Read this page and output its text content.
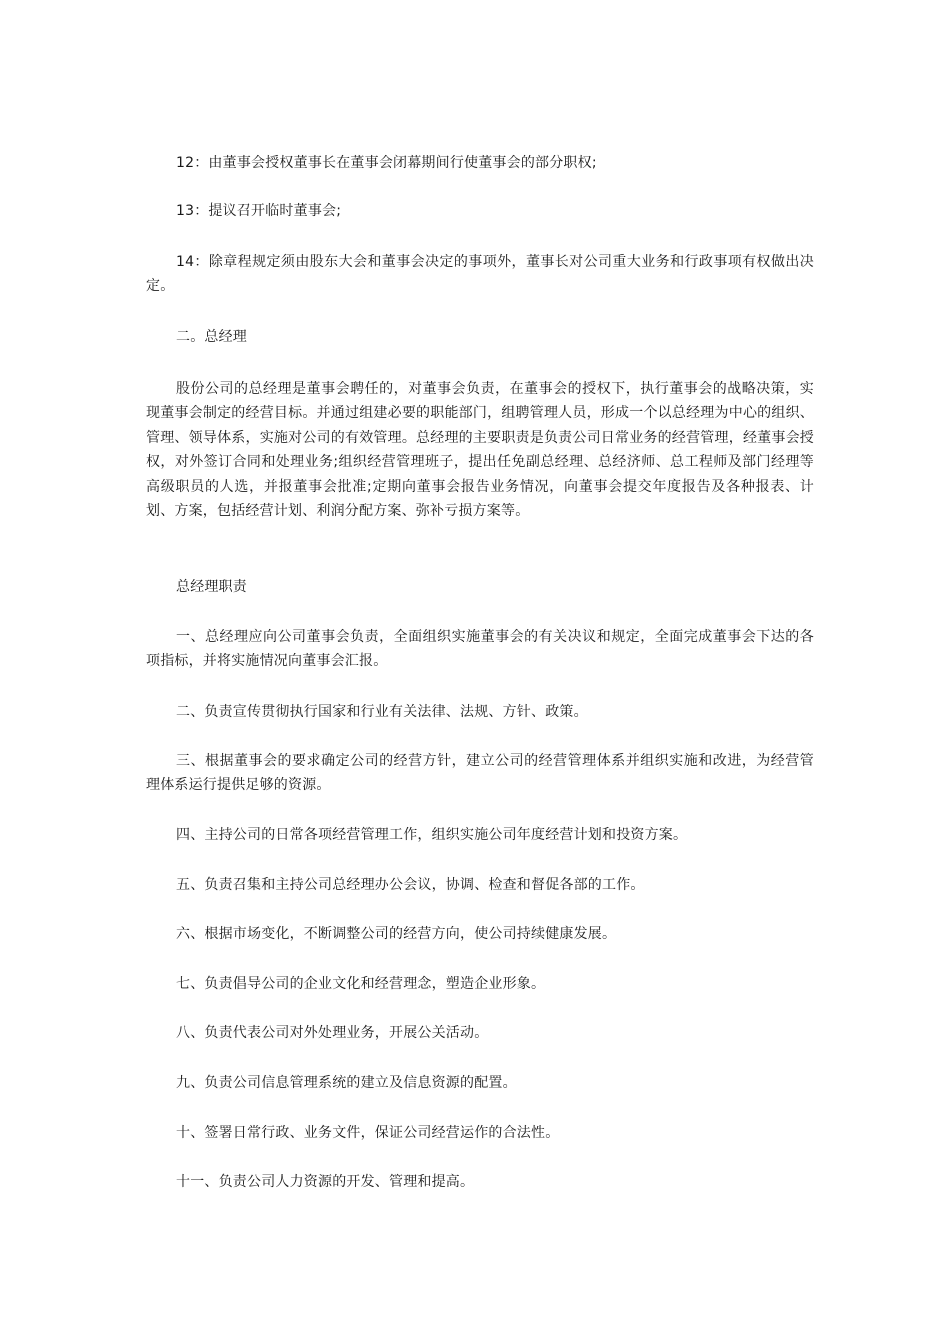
12：由董事会授权董事长在董事会闭幕期间行使董事会的部分职权;

13：提议召开临时董事会;

14：除章程规定须由股东大会和董事会决定的事项外，董事长对公司重大业务和行政事项有权做出决定。

二。总经理

股份公司的总经理是董事会聘任的，对董事会负责，在董事会的授权下，执行董事会的战略决策，实现董事会制定的经营目标。并通过组建必要的职能部门，组聘管理人员，形成一个以总经理为中心的组织、管理、领导体系，实施对公司的有效管理。总经理的主要职责是负责公司日常业务的经营管理，经董事会授权，对外签订合同和处理业务;组织经营管理班子，提出任免副总经理、总经济师、总工程师及部门经理等高级职员的人选，并报董事会批准;定期向董事会报告业务情况，向董事会提交年度报告及各种报表、计划、方案，包括经营计划、利润分配方案、弥补亏损方案等。

总经理职责

一、总经理应向公司董事会负责，全面组织实施董事会的有关决议和规定，全面完成董事会下达的各项指标，并将实施情况向董事会汇报。

二、负责宣传贯彻执行国家和行业有关法律、法规、方针、政策。

三、根据董事会的要求确定公司的经营方针，建立公司的经营管理体系并组织实施和改进，为经营管理体系运行提供足够的资源。

四、主持公司的日常各项经营管理工作，组织实施公司年度经营计划和投资方案。

五、负责召集和主持公司总经理办公会议，协调、检查和督促各部的工作。

六、根据市场变化，不断调整公司的经营方向，使公司持续健康发展。

七、负责倡导公司的企业文化和经营理念，塑造企业形象。

八、负责代表公司对外处理业务，开展公关活动。

九、负责公司信息管理系统的建立及信息资源的配置。

十、签署日常行政、业务文件，保证公司经营运作的合法性。

十一、负责公司人力资源的开发、管理和提高。
